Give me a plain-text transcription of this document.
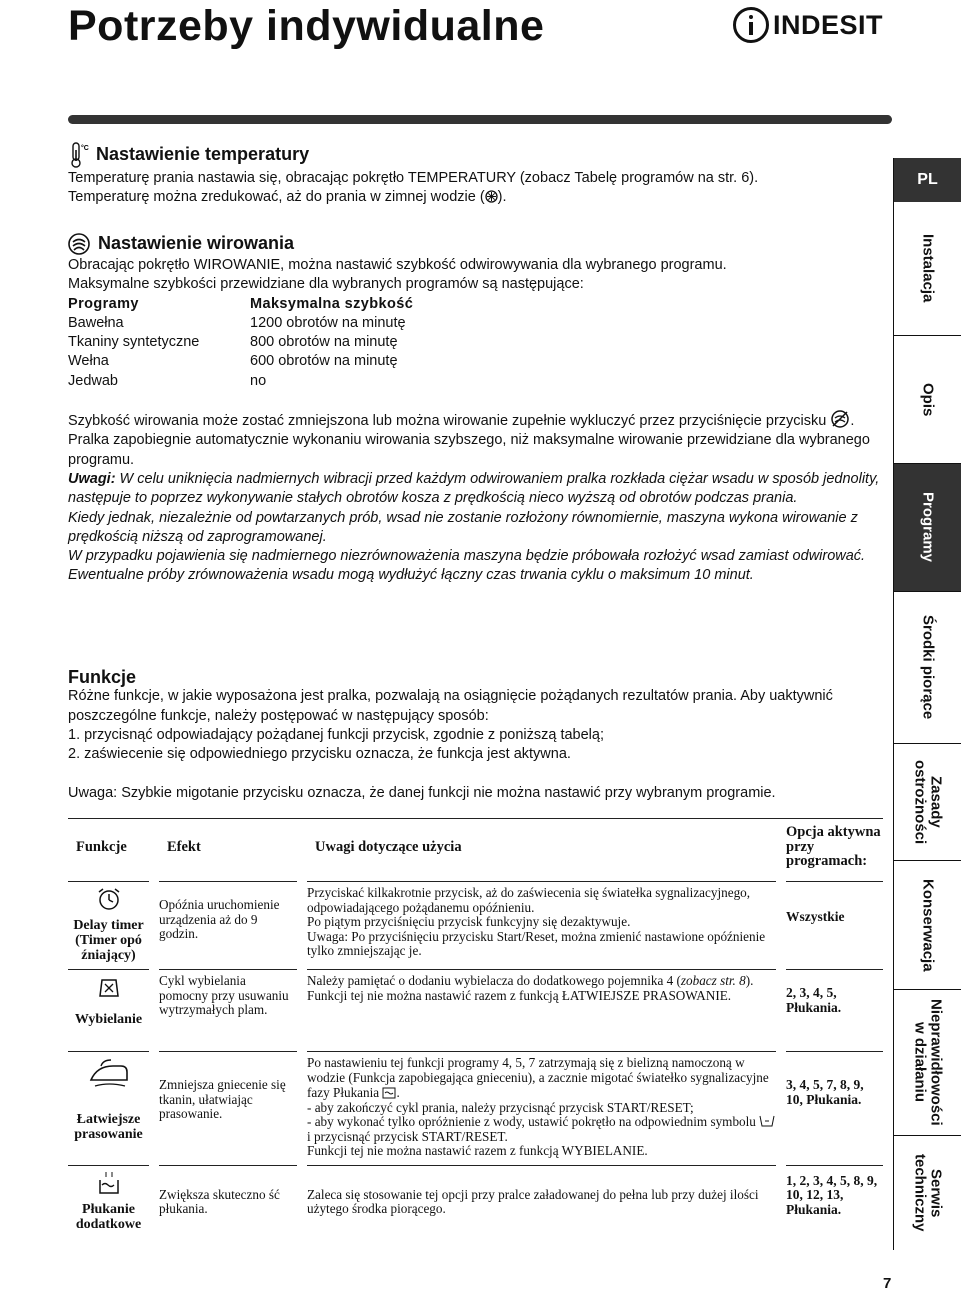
Potrzeby indywidualne	INDESIT
PL
Instalacja
Opis
Programy
Środki piorące
Zasady
ostrożności
Konserwacja
Nieprawidłowości
w działaniu
Serwis
techniczny
°C Nastawienie temperatury

Temperaturę prania nastawia się, obracając pokrętło TEMPERATURY (zobacz Tabelę programów na str. 6).

Temperaturę można zredukować, aż do prania w zimnej wodzie ( ).

Nastawienie wirowania

Obracając pokrętło WIROWANIE, można nastawić szybkość odwirowywania dla wybranego programu.

Maksymalne szybkości przewidziane dla wybranych programów są następujące:

Programy	Maksymalna szybkość
Bawełna	1200 obrotów na minutę
Tkaniny syntetyczne	800 obrotów na minutę
Wełna	600 obrotów na minutę
Jedwab	no

Szybkość wirowania może zostać zmniejszona lub można wirowanie zupełnie wykluczyć przez przyciśnięcie przycisku .

Pralka zapobiegnie automatycznie wykonaniu wirowania szybszego, niż maksymalne wirowanie przewidziane dla wybranego programu.

Uwagi: W celu uniknięcia nadmiernych wibracji przed każdym odwirowaniem pralka rozkłada ciężar wsadu w sposób jednolity, następuje to poprzez wykonywanie stałych obrotów kosza z prędkością nieco wyższą od obrotów podczas prania.

Kiedy jednak, niezależnie od powtarzanych prób, wsad nie zostanie rozłożony równomiernie, maszyna wykona wirowanie z prędkością niższą od zaprogramowanej.

W przypadku pojawienia się nadmiernego niezrównoważenia maszyna będzie próbowała rozłożyć wsad zamiast odwirować.

Ewentualne próby zrównoważenia wsadu mogą wydłużyć łączny czas trwania cyklu o maksimum 10 minut.

Funkcje

Różne funkcje, w jakie wyposażona jest pralka, pozwalają na osiągnięcie pożądanych rezultatów prania. Aby uaktywnić poszczególne funkcje, należy postępować w następujący sposób:

1. przycisnąć odpowiadający pożądanej funkcji przycisk, zgodnie z poniższą tabelą;

2. zaświecenie się odpowiedniego przycisku oznacza, że funkcja jest aktywna.

Uwaga: Szybkie migotanie przycisku oznacza, że danej funkcji nie można nastawić przy wybranym programie.

Funkcje	Efekt	Uwagi dotyczące użycia	Opcja aktywna przy programach:

Delay timer (Timer opó źniający)	Opóźnia uruchomienie urządzenia aż do 9 godzin.	Przyciskać kilkakrotnie przycisk, aż do zaświecenia się światełka sygnalizacyjnego, odpowiadającego pożądanemu opóźnieniu.
Po piątym przyciśnięciu przycisk funkcyjny się dezaktywuje.
Uwaga: Po przyciśnięciu przycisku Start/Reset, można zmienić nastawione opóźnienie tylko zmniejszając je.	Wszystkie

Wybielanie	Cykl wybielania pomocny przy usuwaniu wytrzymałych plam.	Należy pamiętać o dodaniu wybielacza do dodatkowego pojemnika 4 (zobacz str. 8).
Funkcji tej nie można nastawić razem z funkcją ŁATWIEJSZE PRASOWANIE.	2, 3, 4, 5, Płukania.

Łatwiejsze prasowanie	Zmniejsza gniecenie się tkanin, ułatwiając prasowanie.	Po nastawieniu tej funkcji programy 4, 5, 7 zatrzymają się z bielizną namoczoną w wodzie (Funkcja zapobiegająca gnieceniu), a zacznie migotać światełko sygnalizacyjne fazy Płukania .
- aby zakończyć cykl prania, należy przycisnąć przycisk START/RESET;
- aby wykonać tylko opróżnienie z wody, ustawić pokrętło na odpowiednim symbolu  i przycisnąć przycisk START/RESET.
Funkcji tej nie można nastawić razem z funkcją WYBIELANIE.	3, 4, 5, 7, 8, 9, 10, Płukania.

Płukanie dodatkowe	Zwiększa skuteczno ść płukania.	Zaleca się stosowanie tej opcji przy pralce załadowanej do pełna lub przy dużej ilości użytego środka piorącego.	1, 2, 3, 4, 5, 8, 9, 10, 12, 13, Płukania.
7
